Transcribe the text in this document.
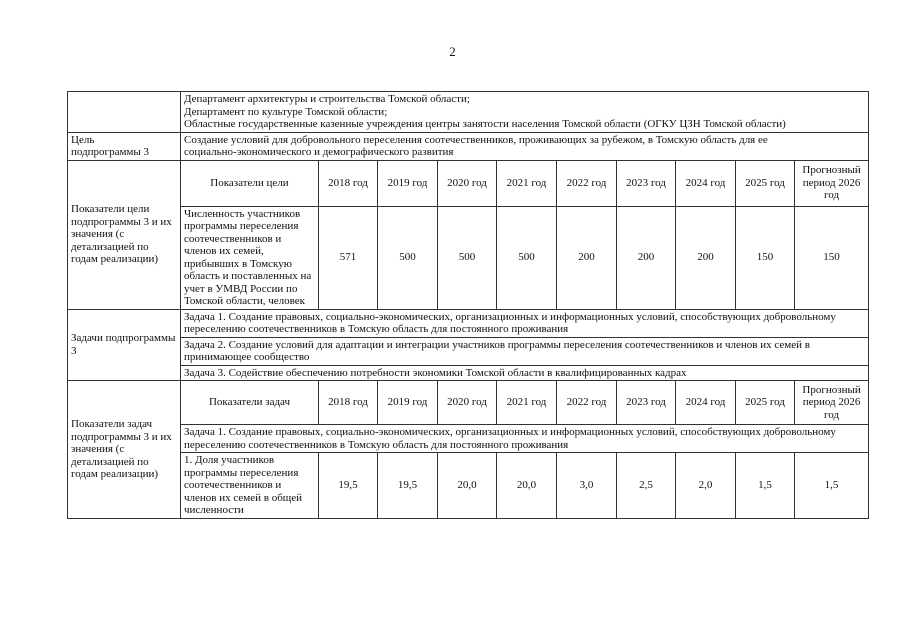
2

	Департамент архитектуры и строительства Томской области;
Департамент по культуре Томской области;
Областные государственные казенные учреждения центры занятости населения Томской области (ОГКУ ЦЗН Томской области)									

Цель подпрограммы 3	Создание условий для добровольного переселения соотечественников, проживающих за рубежом, в Томскую область для ее социально-экономического и демографического развития									
Показатели цели подпрограммы 3 и их значения (с детализацией по годам реализации)	Показатели цели	2018 год	2019 год	2020 год	2021 год	2022 год	2023 год	2024 год	2025 год	Прогнозный период 2026 год
	Численность участников программы переселения соотечественников и членов их семей, прибывших в Томскую область и поставленных на учет в УМВД России по Томской области, человек	571	500	500	500	200	200	200	150	150
Задачи подпрограммы 3	Задача 1. Создание правовых, социально-экономических, организационных и информационных условий, способствующих добровольному переселению соотечественников в Томскую область для постоянного проживания									
	Задача 2. Создание условий для адаптации и интеграции участников программы переселения соотечественников и членов их семей в принимающее сообщество									
	Задача 3. Содействие обеспечению потребности экономики Томской области в квалифицированных кадрах									
Показатели задач подпрограммы 3 и их значения (с детализацией по годам реализации)	Показатели задач	2018 год	2019 год	2020 год	2021 год	2022 год	2023 год	2024 год	2025 год	Прогнозный период 2026 год
	Задача 1. Создание правовых, социально-экономических, организационных и информационных условий, способствующих добровольному переселению соотечественников в Томскую область для постоянного проживания									
	1. Доля участников программы переселения соотечественников и членов их семей в общей численности	19,5	19,5	20,0	20,0	3,0	2,5	2,0	1,5	1,5
